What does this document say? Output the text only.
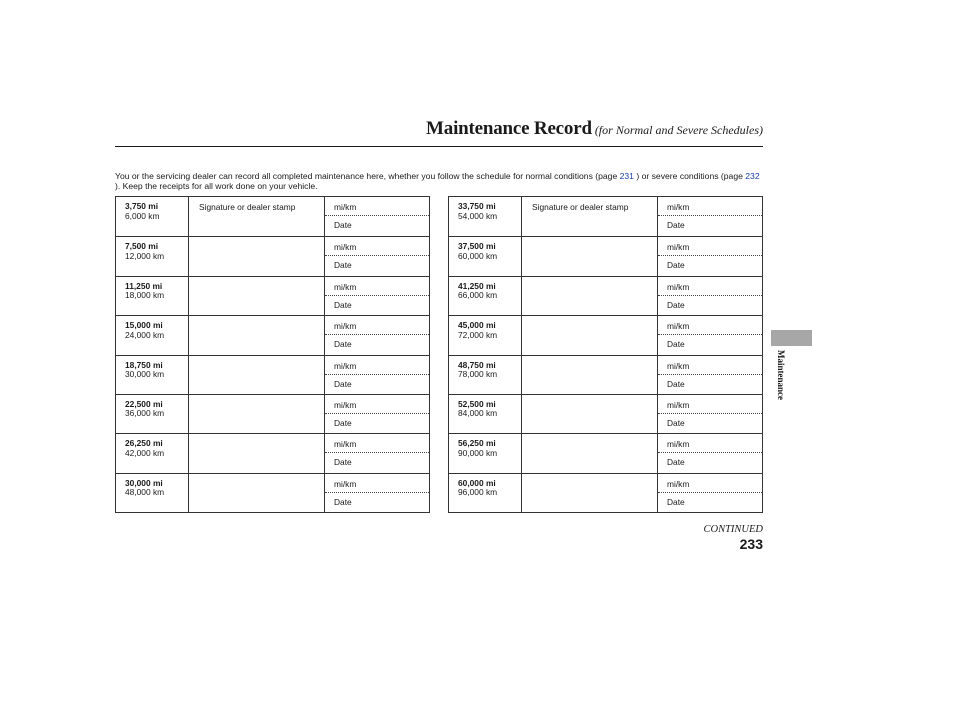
Maintenance Record (for Normal and Severe Schedules)
You or the servicing dealer can record all completed maintenance here, whether you follow the schedule for normal conditions (page 231 ) or severe conditions (page 232 ). Keep the receipts for all work done on your vehicle.
3,750 mi
6,000 km
Signature or dealer stamp	mi/km
Date
7,500 mi
12,000 km
mi/km
Date
11,250 mi
18,000 km
mi/km
Date
15,000 mi
24,000 km
mi/km
Date
18,750 mi
30,000 km
mi/km
Date
22,500 mi
36,000 km
mi/km
Date
26,250 mi
42,000 km
mi/km
Date
30,000 mi
48,000 km
mi/km
Date
33,750 mi
54,000 km
Signature or dealer stamp	mi/km
Date
37,500 mi
60,000 km
mi/km
Date
41,250 mi
66,000 km
mi/km
Date
45,000 mi
72,000 km
mi/km
Date
48,750 mi
78,000 km
mi/km
Date
52,500 mi
84,000 km
mi/km
Date
56,250 mi
90,000 km
mi/km
Date
60,000 mi
96,000 km
mi/km
Date
Maintenance
CONTINUED
233
